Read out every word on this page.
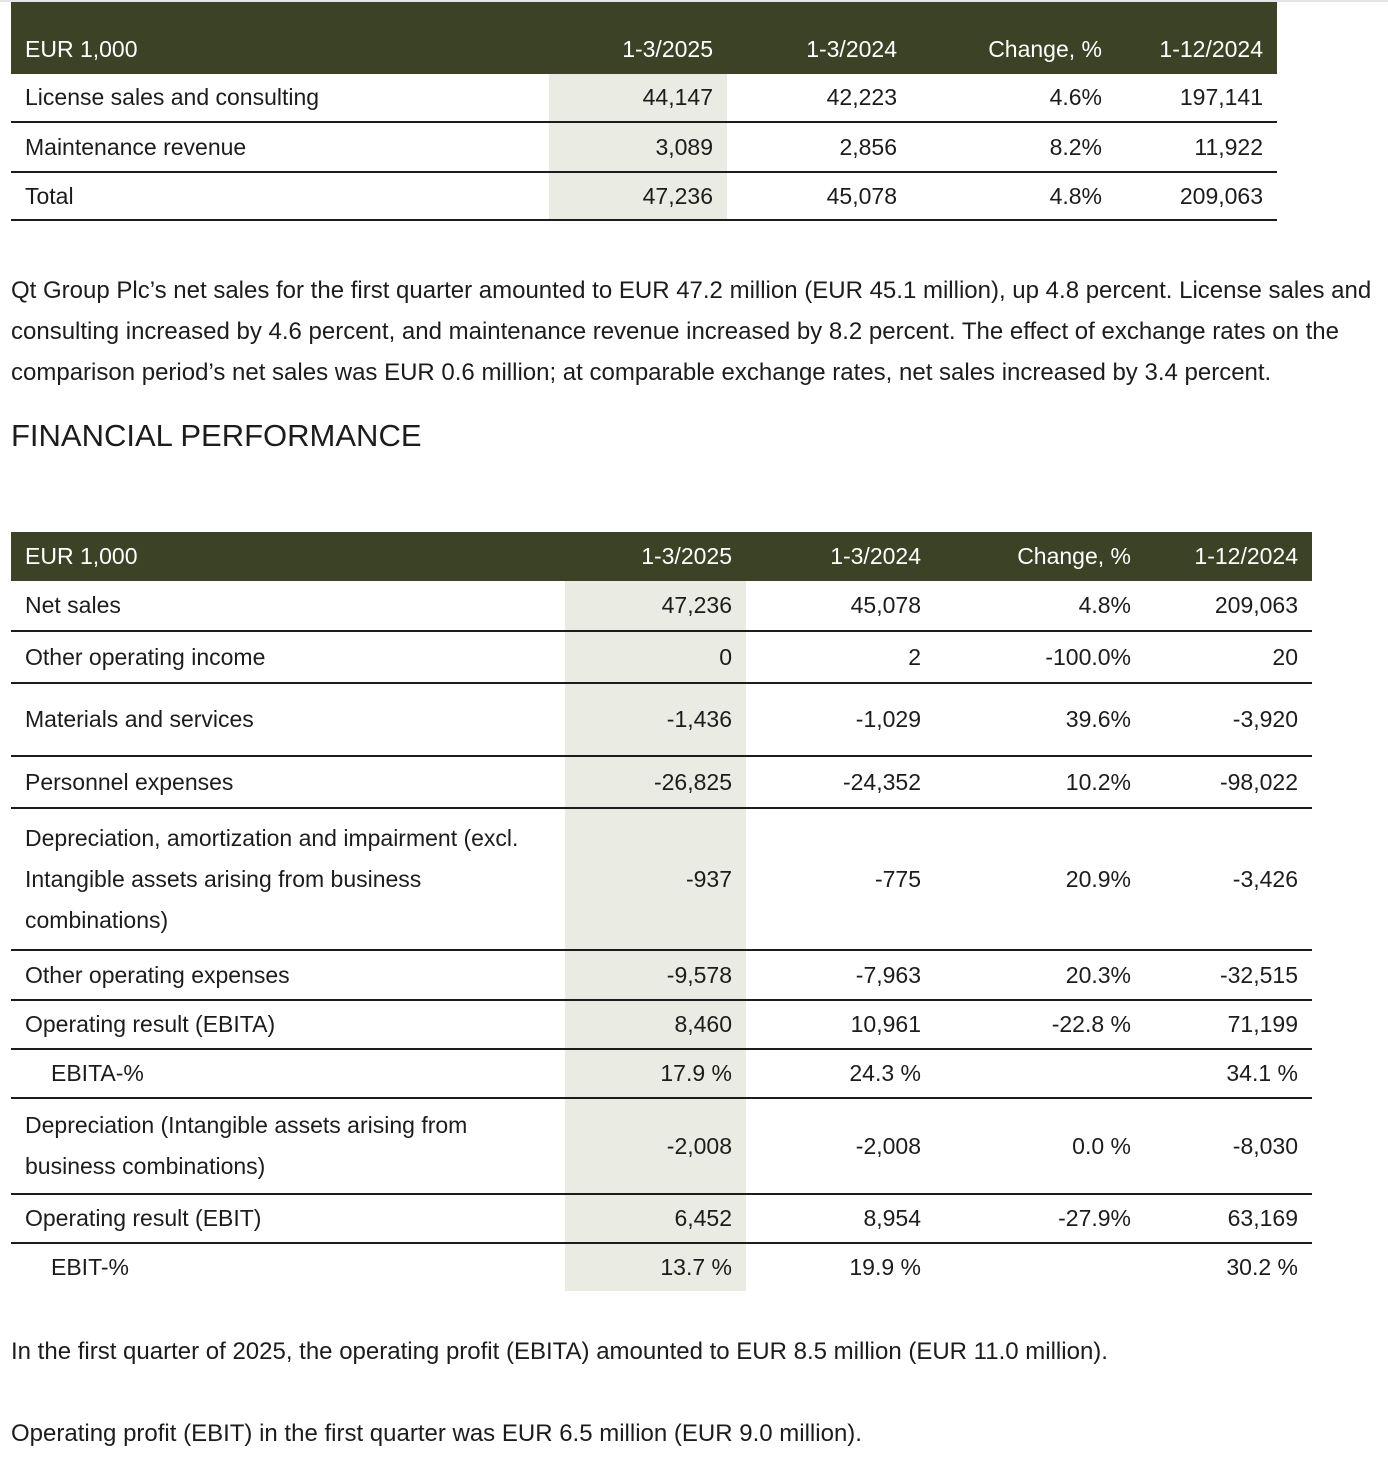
EUR 1,000	1-3/2025	1-3/2024	Change, %	1-12/2024
License sales and consulting	44,147	42,223	4.6%	197,141
Maintenance revenue	3,089	2,856	8.2%	11,922
Total	47,236	45,078	4.8%	209,063

Qt Group Plc’s net sales for the first quarter amounted to EUR 47.2 million (EUR 45.1 million), up 4.8 percent. License sales and consulting increased by 4.6 percent, and maintenance revenue increased by 8.2 percent. The effect of exchange rates on the comparison period’s net sales was EUR 0.6 million; at comparable exchange rates, net sales increased by 3.4 percent.

FINANCIAL PERFORMANCE
EUR 1,000	1-3/2025	1-3/2024	Change, %	1-12/2024
Net sales	47,236	45,078	4.8%	209,063
Other operating income	0	2	-100.0%	20
Materials and services	-1,436	-1,029	39.6%	-3,920
Personnel expenses	-26,825	-24,352	10.2%	-98,022
Depreciation, amortization and impairment (excl. Intangible assets arising from business combinations)	-937	-775	20.9%	-3,426
Other operating expenses	-9,578	-7,963	20.3%	-32,515
Operating result (EBITA)	8,460	10,961	-22.8 %	71,199
EBITA-%	17.9 %	24.3 %		34.1 %
Depreciation (Intangible assets arising from business combinations)	-2,008	-2,008	0.0 %	-8,030
Operating result (EBIT)	6,452	8,954	-27.9%	63,169
EBIT-%	13.7 %	19.9 %		30.2 %

In the first quarter of 2025, the operating profit (EBITA) amounted to EUR 8.5 million (EUR 11.0 million).

Operating profit (EBIT) in the first quarter was EUR 6.5 million (EUR 9.0 million).
